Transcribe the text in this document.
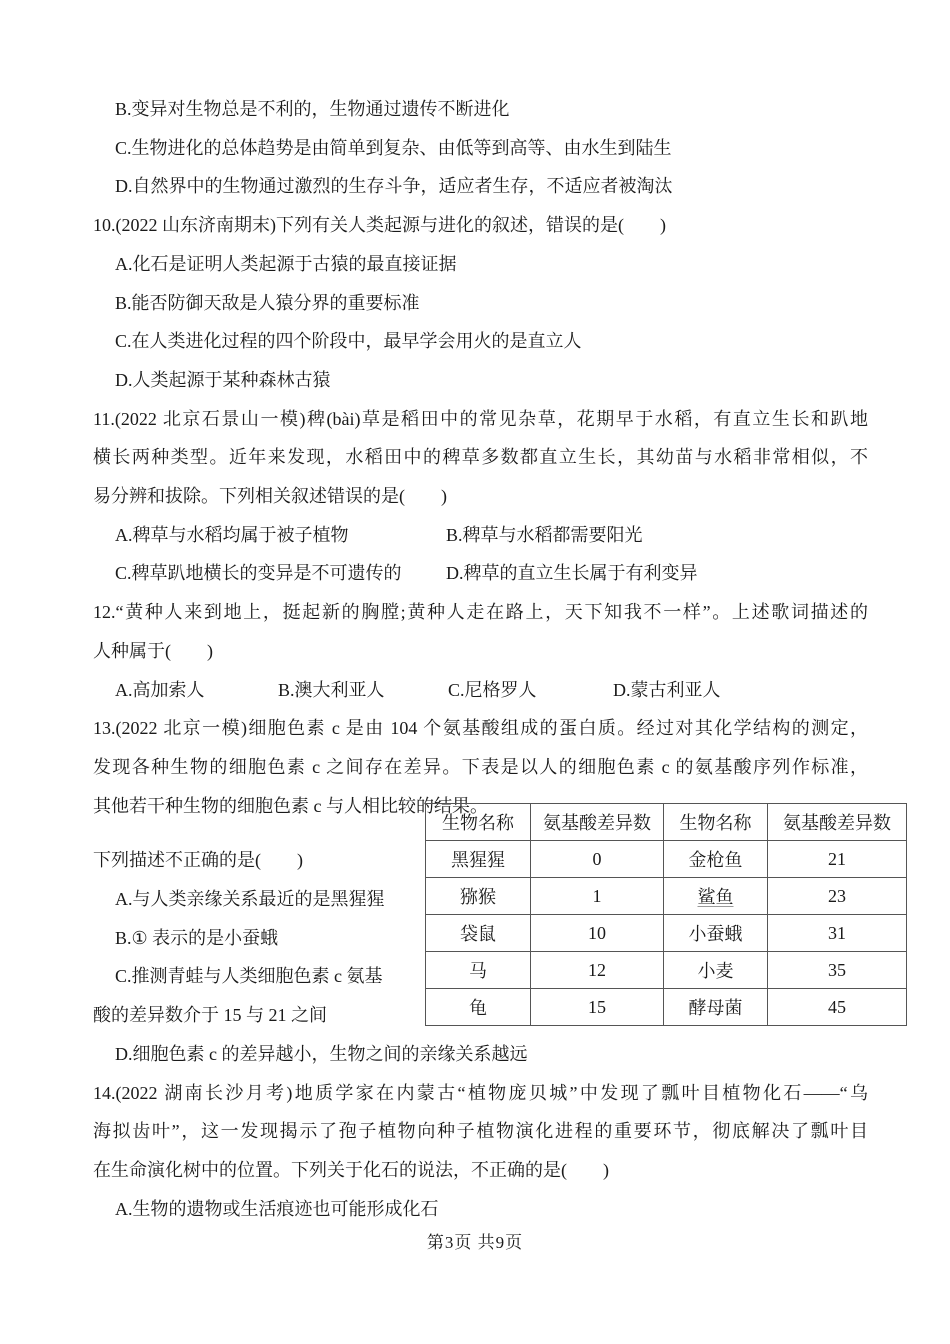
B.变异对生物总是不利的，生物通过遗传不断进化
C.生物进化的总体趋势是由简单到复杂、由低等到高等、由水生到陆生
D.自然界中的生物通过激烈的生存斗争，适应者生存，不适应者被淘汰
10.(2022 山东济南期末)下列有关人类起源与进化的叙述，错误的是(　　)
A.化石是证明人类起源于古猿的最直接证据
B.能否防御天敌是人猿分界的重要标准
C.在人类进化过程的四个阶段中，最早学会用火的是直立人
D.人类起源于某种森林古猿
11.(2022 北京石景山一模)稗(bài)草是稻田中的常见杂草，花期早于水稻，有直立生长和趴地
横长两种类型。近年来发现，水稻田中的稗草多数都直立生长，其幼苗与水稻非常相似，不
易分辨和拔除。下列相关叙述错误的是(　　)
A.稗草与水稻均属于被子植物	B.稗草与水稻都需要阳光
C.稗草趴地横长的变异是不可遗传的 D.稗草的直立生长属于有利变异
12.“黄种人来到地上，挺起新的胸膛;黄种人走在路上，天下知我不一样”。上述歌词描述的
人种属于(　　)
A.高加索人	B.澳大利亚人	C.尼格罗人	D.蒙古利亚人
13.(2022 北京一模)细胞色素 c 是由 104 个氨基酸组成的蛋白质。经过对其化学结构的测定，
发现各种生物的细胞色素 c 之间存在差异。下表是以人的细胞色素 c 的氨基酸序列作标准，
其他若干种生物的细胞色素 c 与人相比较的结果。
下列描述不正确的是(　　)
A.与人类亲缘关系最近的是黑猩猩
B.① 表示的是小蚕蛾
C.推测青蛙与人类细胞色素 c 氨基
酸的差异数介于 15 与 21 之间
生物名称	氨基酸差异数	生物名称	氨基酸差异数
黑猩猩	0	金枪鱼	21
猕猴	1	鲨鱼	23
袋鼠	10	小蚕蛾	31
马	12	小麦	35
龟	15	酵母菌	45
D.细胞色素 c 的差异越小，生物之间的亲缘关系越远
14.(2022 湖南长沙月考)地质学家在内蒙古“植物庞贝城”中发现了瓢叶目植物化石——“乌
海拟齿叶”，这一发现揭示了孢子植物向种子植物演化进程的重要环节，彻底解决了瓢叶目
在生命演化树中的位置。下列关于化石的说法，不正确的是(　　)
A.生物的遗物或生活痕迹也可能形成化石
第3页 共9页
